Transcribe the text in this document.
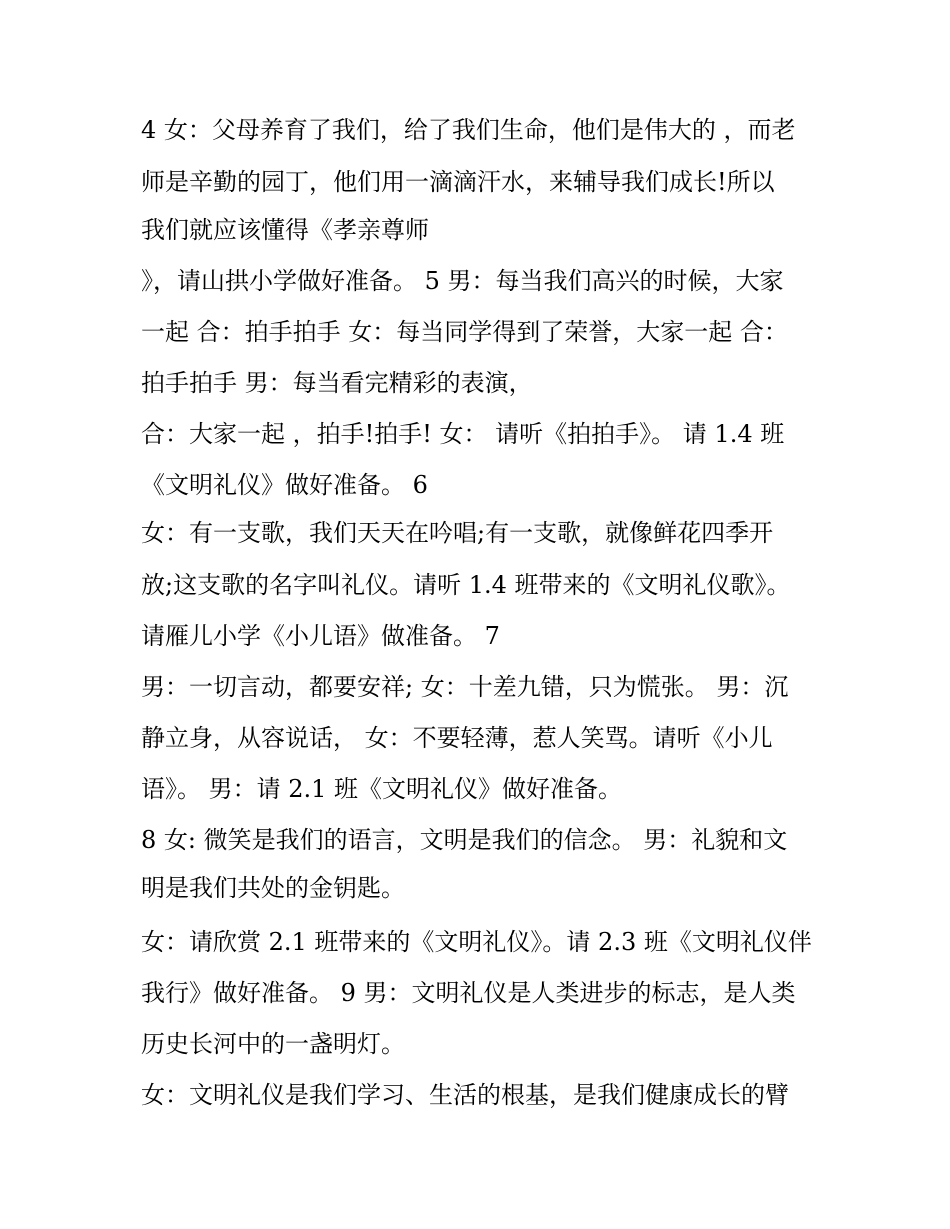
4 女：父母养育了我们，给了我们生命，他们是伟大的 ，而老
师是辛勤的园丁，他们用一滴滴汗水，来辅导我们成长!所以
我们就应该懂得《孝亲尊师
》，请山拱小学做好准备。 5 男：每当我们高兴的时候，大家
一起 合：拍手拍手 女：每当同学得到了荣誉，大家一起 合：
拍手拍手 男：每当看完精彩的表演，
合：大家一起 ，拍手!拍手! 女： 请听《拍拍手》。 请 1.4 班
《文明礼仪》做好准备。 6
女：有一支歌，我们天天在吟唱;有一支歌，就像鲜花四季开
放;这支歌的名字叫礼仪。请听 1.4 班带来的《文明礼仪歌》。
请雁儿小学《小儿语》做准备。 7
男：一切言动，都要安祥; 女：十差九错，只为慌张。 男：沉
静立身，从容说话， 女：不要轻薄，惹人笑骂。请听《小儿
语》。 男：请 2.1 班《文明礼仪》做好准备。
8 女: 微笑是我们的语言，文明是我们的信念。 男：礼貌和文
明是我们共处的金钥匙。
女：请欣赏 2.1 班带来的《文明礼仪》。请 2.3 班《文明礼仪伴
我行》做好准备。 9 男：文明礼仪是人类进步的标志，是人类
历史长河中的一盏明灯。
女：文明礼仪是我们学习、生活的根基，是我们健康成长的臂
